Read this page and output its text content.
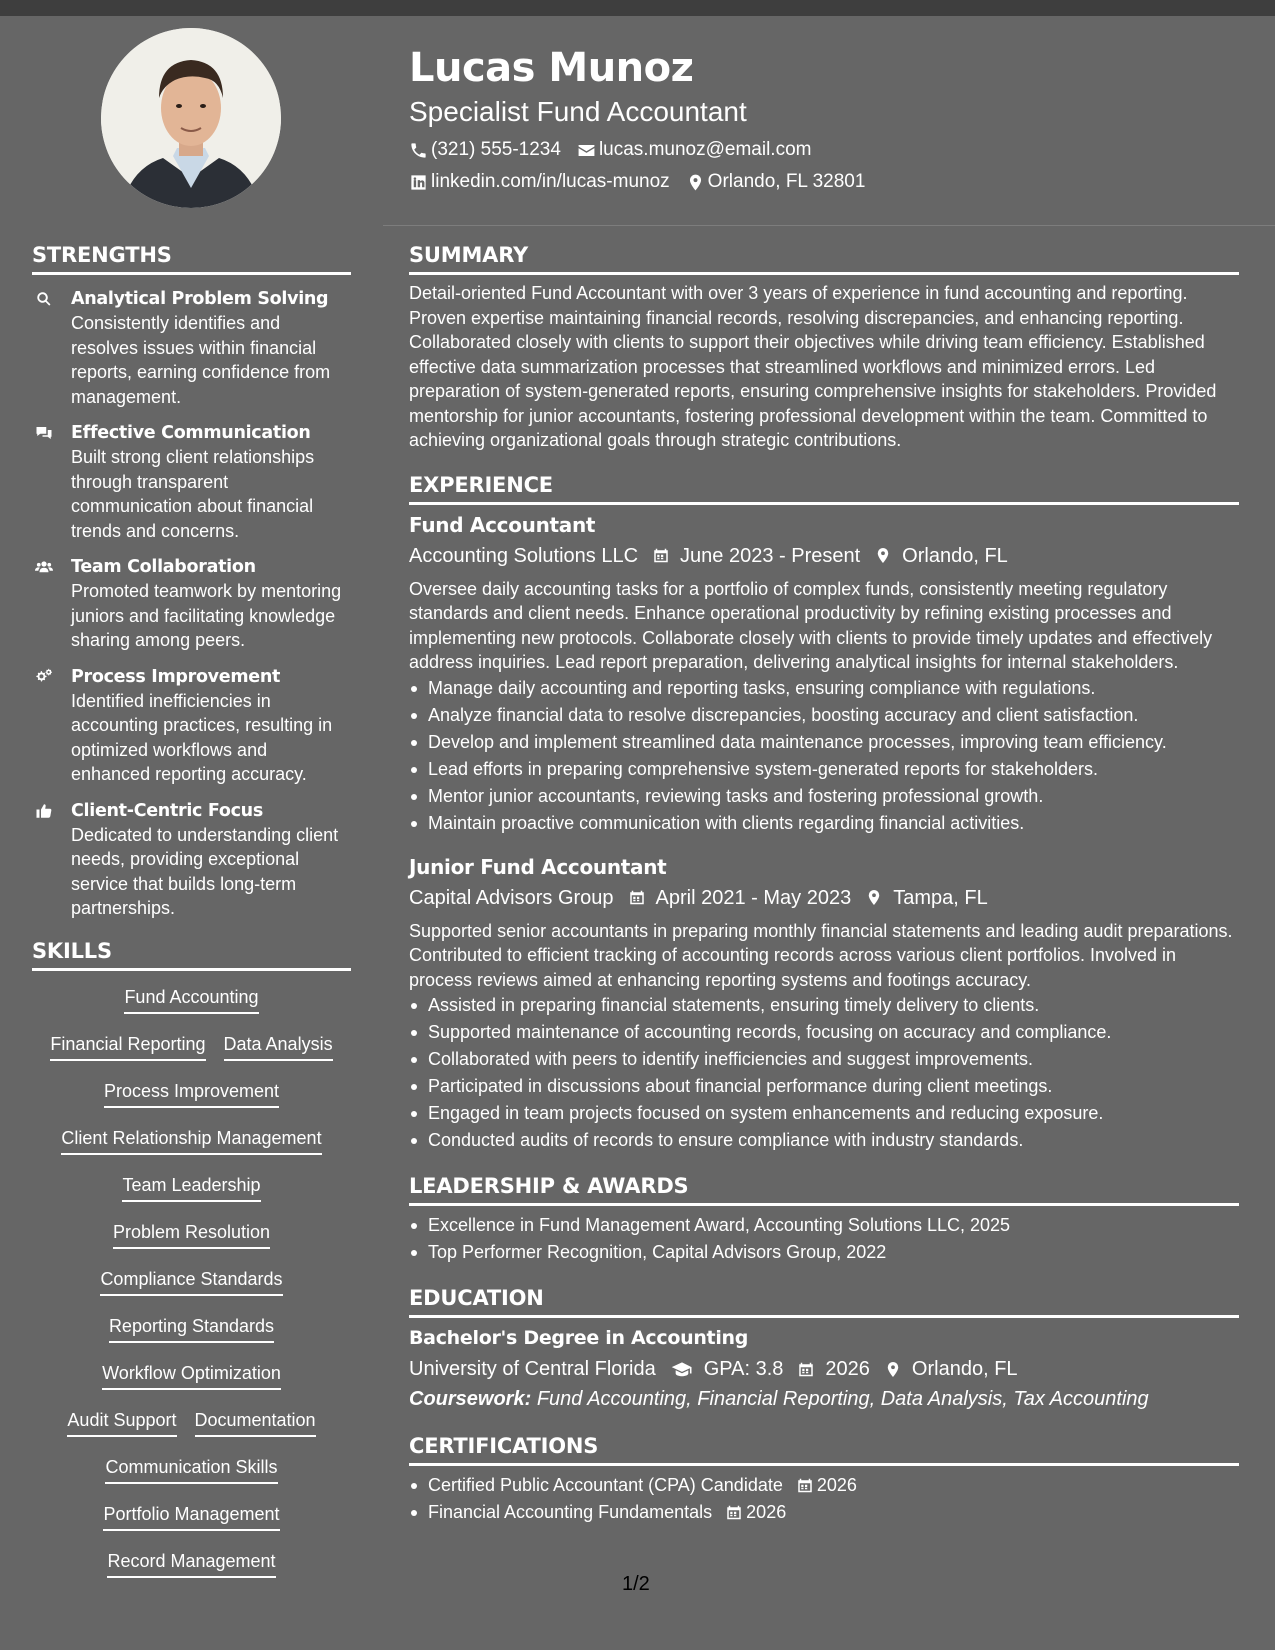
Lucas Munoz
Specialist Fund Accountant
(321) 555-1234 lucas.munoz@email.com
linkedin.com/in/lucas-munoz Orlando, FL 32801
STRENGTHS
Analytical Problem Solving
Consistently identifies and resolves issues within financial reports, earning confidence from management.
Effective Communication
Built strong client relationships through transparent communication about financial trends and concerns.
Team Collaboration
Promoted teamwork by mentoring juniors and facilitating knowledge sharing among peers.
Process Improvement
Identified inefficiencies in accounting practices, resulting in optimized workflows and enhanced reporting accuracy.
Client-Centric Focus
Dedicated to understanding client needs, providing exceptional service that builds long-term partnerships.
SKILLS
Fund Accounting
Financial Reporting Data Analysis
Process Improvement
Client Relationship Management
Team Leadership
Problem Resolution
Compliance Standards
Reporting Standards
Workflow Optimization
Audit Support Documentation
Communication Skills
Portfolio Management
Record Management
SUMMARY
Detail-oriented Fund Accountant with over 3 years of experience in fund accounting and reporting. Proven expertise maintaining financial records, resolving discrepancies, and enhancing reporting. Collaborated closely with clients to support their objectives while driving team efficiency. Established effective data summarization processes that streamlined workflows and minimized errors. Led preparation of system-generated reports, ensuring comprehensive insights for stakeholders. Provided mentorship for junior accountants, fostering professional development within the team. Committed to achieving organizational goals through strategic contributions.
EXPERIENCE
Fund Accountant
Accounting Solutions LLC June 2023 - Present Orlando, FL
Oversee daily accounting tasks for a portfolio of complex funds, consistently meeting regulatory standards and client needs. Enhance operational productivity by refining existing processes and implementing new protocols. Collaborate closely with clients to provide timely updates and effectively address inquiries. Lead report preparation, delivering analytical insights for internal stakeholders.
Manage daily accounting and reporting tasks, ensuring compliance with regulations.
Analyze financial data to resolve discrepancies, boosting accuracy and client satisfaction.
Develop and implement streamlined data maintenance processes, improving team efficiency.
Lead efforts in preparing comprehensive system-generated reports for stakeholders.
Mentor junior accountants, reviewing tasks and fostering professional growth.
Maintain proactive communication with clients regarding financial activities.
Junior Fund Accountant
Capital Advisors Group April 2021 - May 2023 Tampa, FL
Supported senior accountants in preparing monthly financial statements and leading audit preparations. Contributed to efficient tracking of accounting records across various client portfolios. Involved in process reviews aimed at enhancing reporting systems and footings accuracy.
Assisted in preparing financial statements, ensuring timely delivery to clients.
Supported maintenance of accounting records, focusing on accuracy and compliance.
Collaborated with peers to identify inefficiencies and suggest improvements.
Participated in discussions about financial performance during client meetings.
Engaged in team projects focused on system enhancements and reducing exposure.
Conducted audits of records to ensure compliance with industry standards.
LEADERSHIP & AWARDS
Excellence in Fund Management Award, Accounting Solutions LLC, 2025
Top Performer Recognition, Capital Advisors Group, 2022
EDUCATION
Bachelor's Degree in Accounting
University of Central Florida GPA: 3.8 2026 Orlando, FL
Coursework: Fund Accounting, Financial Reporting, Data Analysis, Tax Accounting
CERTIFICATIONS
Certified Public Accountant (CPA) Candidate 2026
Financial Accounting Fundamentals 2026
1/2
